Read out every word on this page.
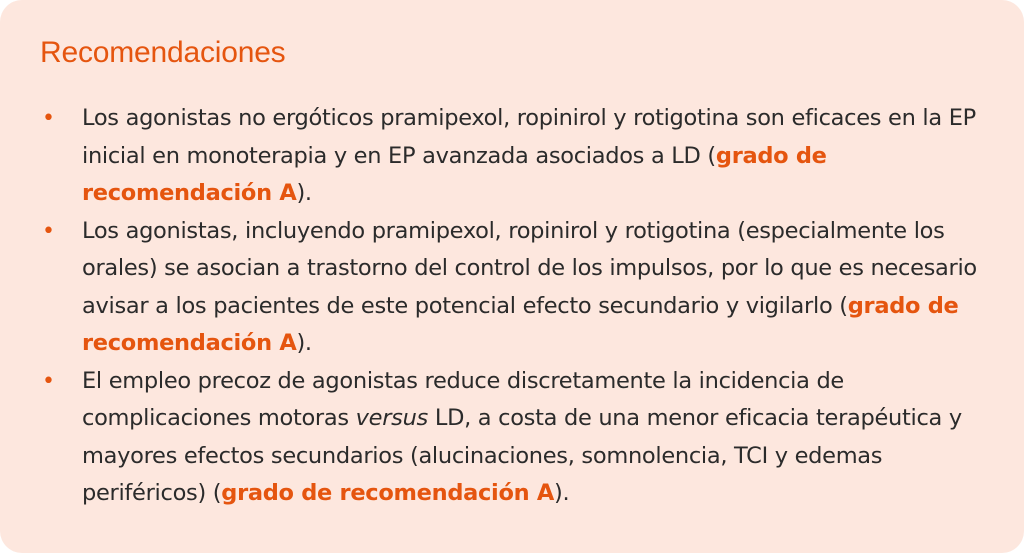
Recomendaciones
• Los agonistas no ergóticos pramipexol, ropinirol y rotigotina son eficaces en la EP inicial en monoterapia y en EP avanzada asociados a LD (grado de recomendación A).
• Los agonistas, incluyendo pramipexol, ropinirol y rotigotina (especialmente los orales) se asocian a trastorno del control de los impulsos, por lo que es necesario avisar a los pacientes de este potencial efecto secundario y vigilarlo (grado de recomendación A).
• El empleo precoz de agonistas reduce discretamente la incidencia de complicaciones motoras versus LD, a costa de una menor eficacia terapéutica y mayores efectos secundarios (alucinaciones, somnolencia, TCI y edemas periféricos) (grado de recomendación A).
